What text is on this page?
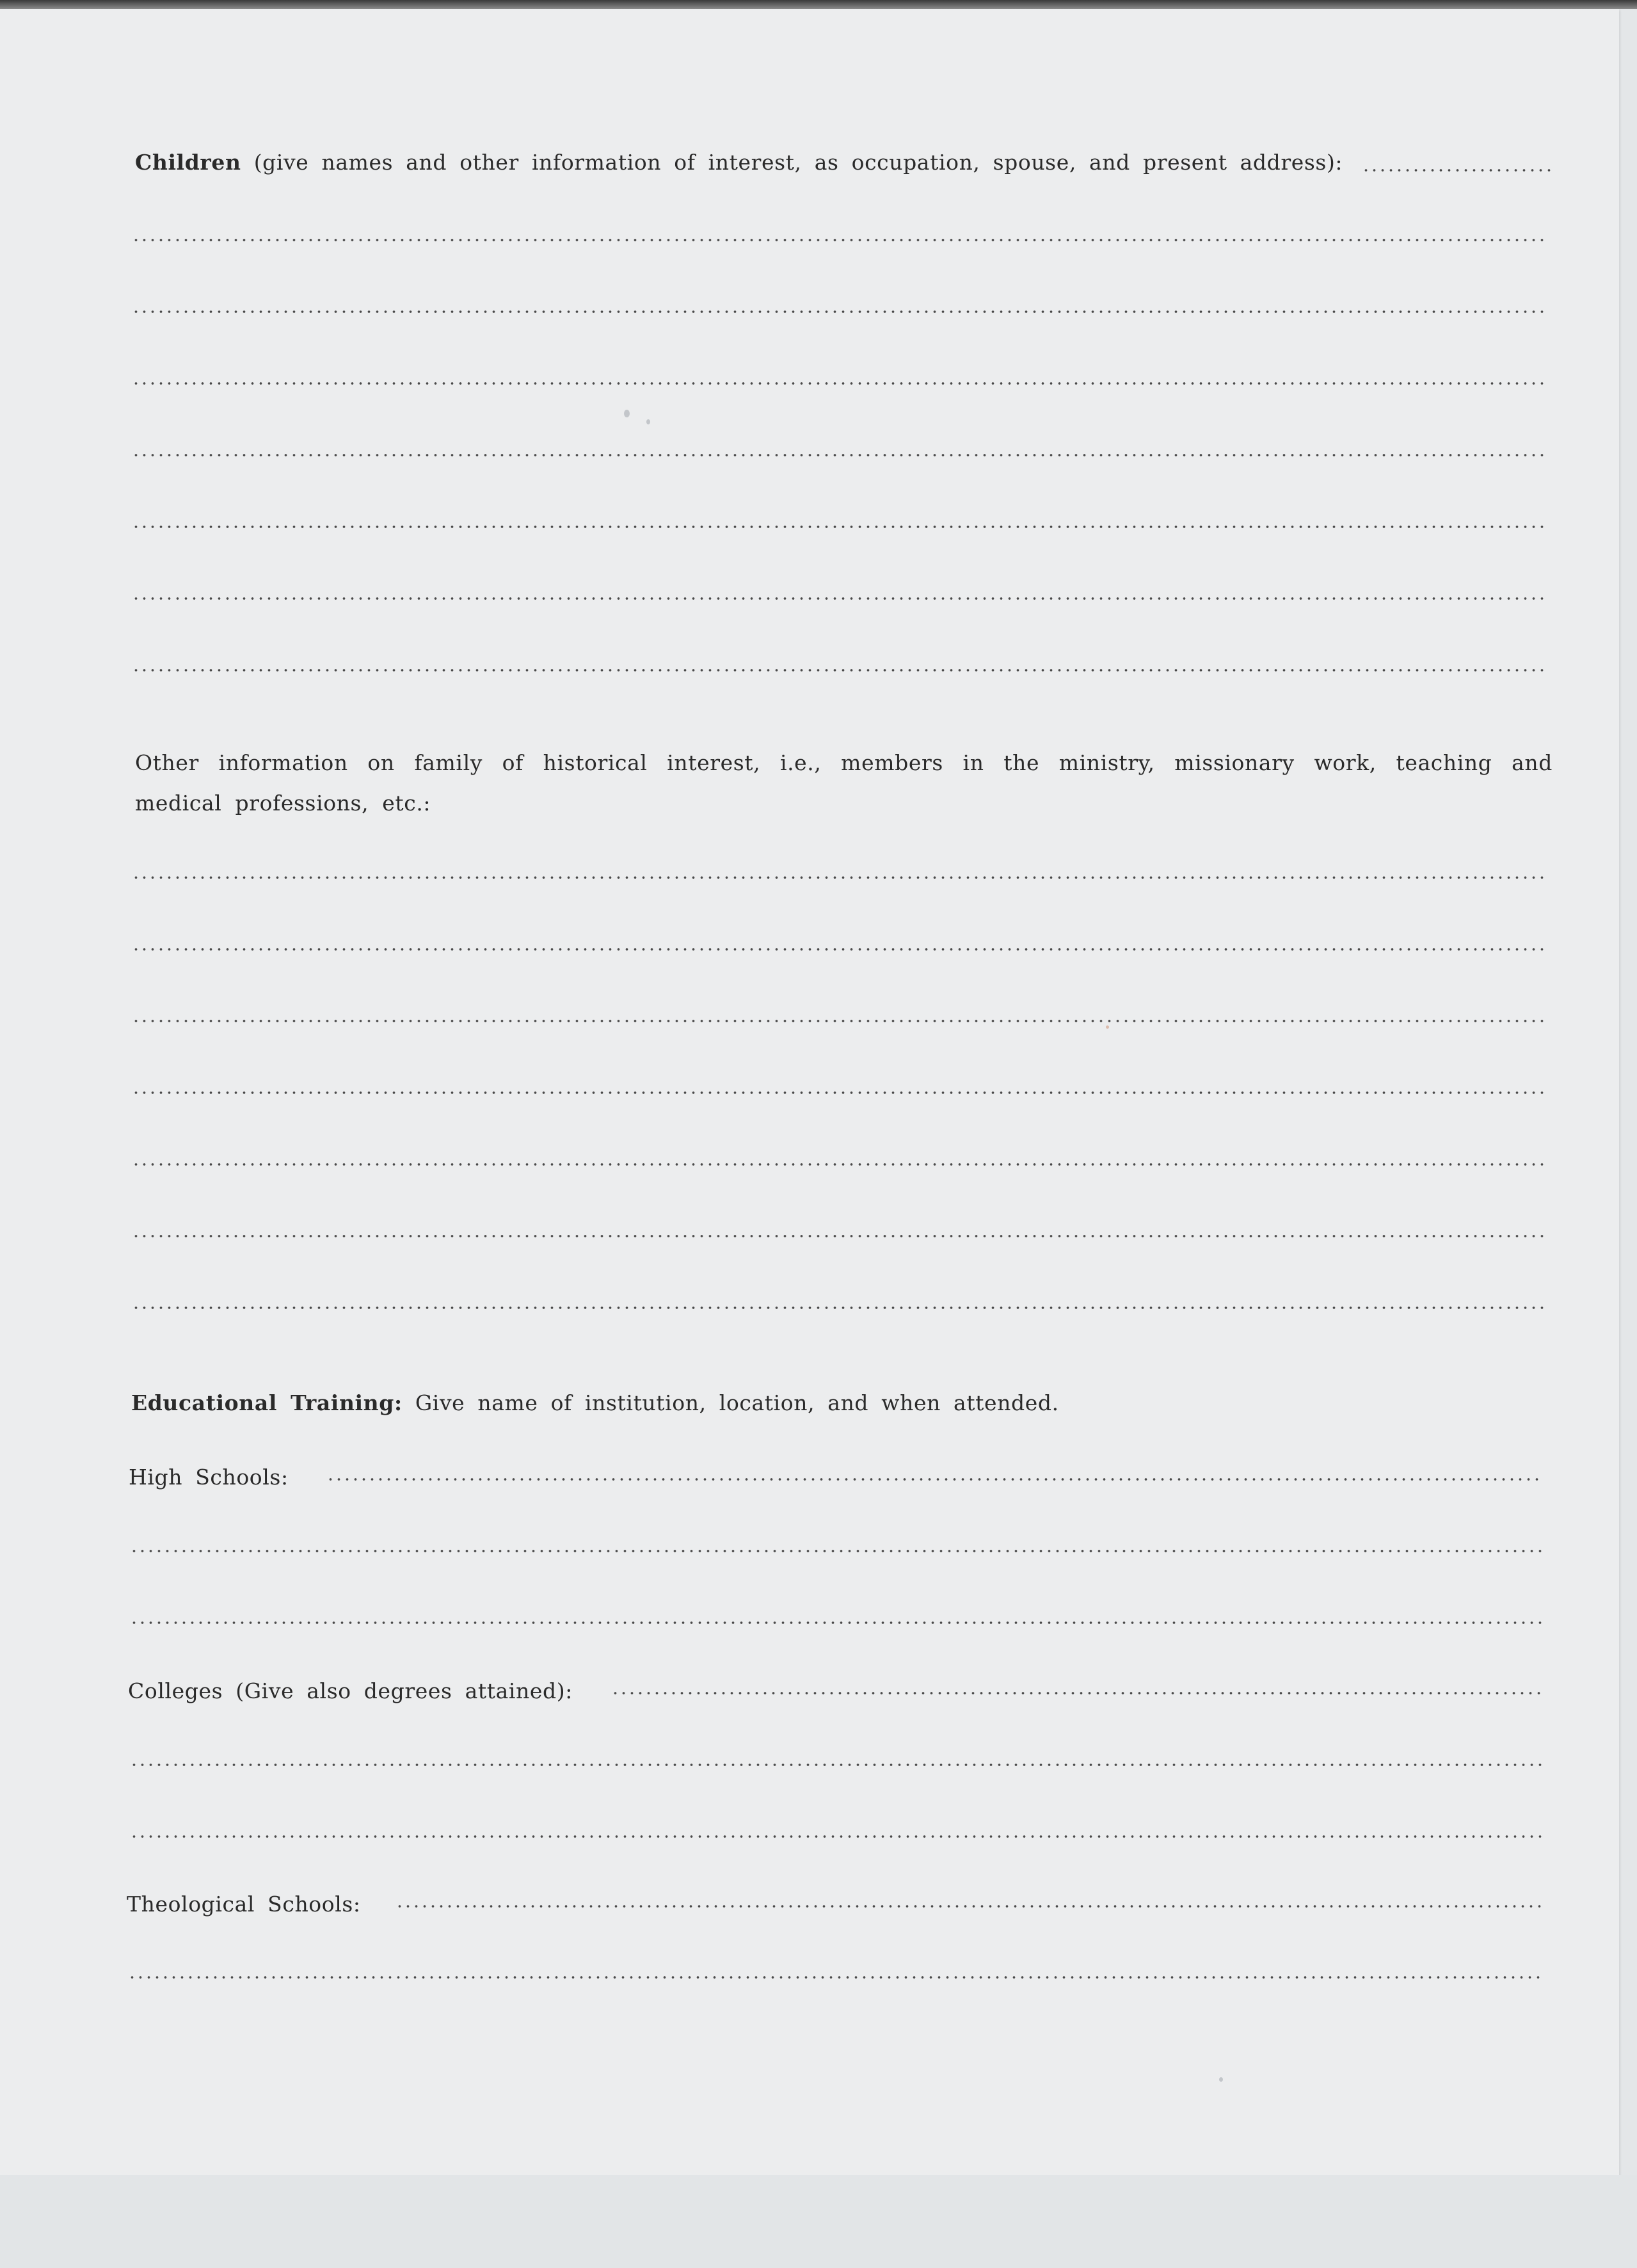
Children (give names and other information of interest, as occupation, spouse, and present address):
Other information on family of historical interest, i.e., members in the ministry, missionary work, teaching and medical professions, etc.:
Educational Training: Give name of institution, location, and when attended.
High Schools:
Colleges (Give also degrees attained):
Theological Schools:
